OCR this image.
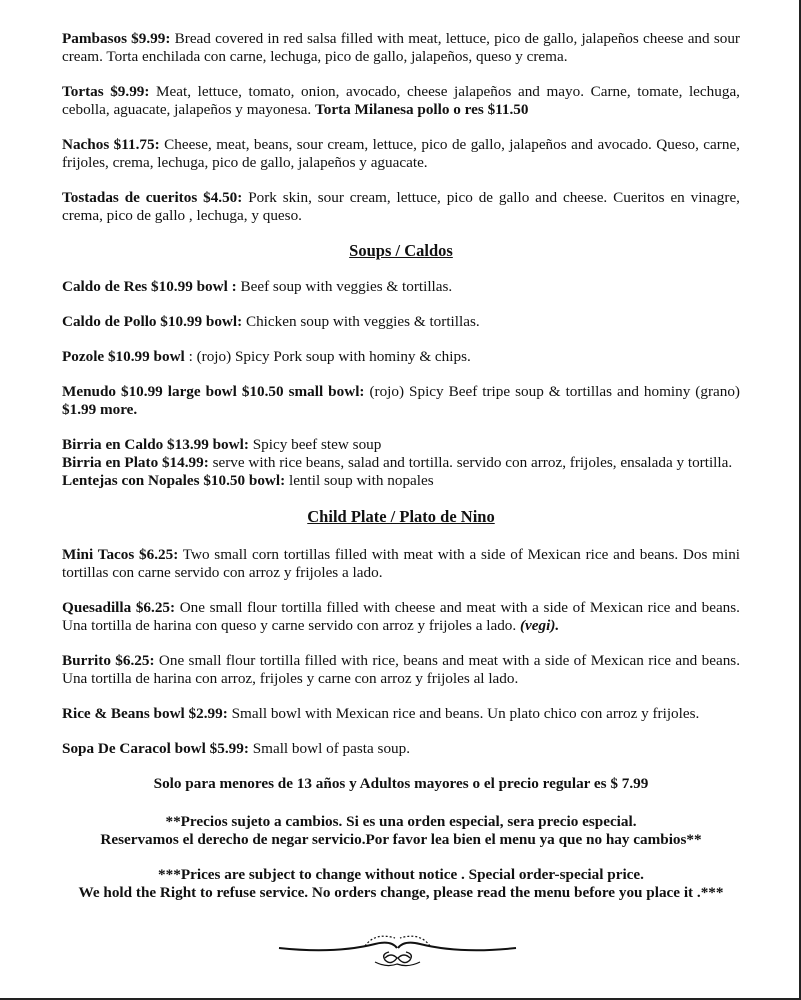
Pambasos $9.99: Bread covered in red salsa filled with meat, lettuce, pico de gallo, jalapeños cheese and sour cream. Torta enchilada con carne, lechuga, pico de gallo, jalapeños, queso y crema.

Tortas $9.99: Meat, lettuce, tomato, onion, avocado, cheese jalapeños and mayo. Carne, tomate, lechuga, cebolla, aguacate, jalapeños y mayonesa. Torta Milanesa pollo o res $11.50

Nachos $11.75: Cheese, meat, beans, sour cream, lettuce, pico de gallo, jalapeños and avocado. Queso, carne, frijoles, crema, lechuga, pico de gallo, jalapeños y aguacate.

Tostadas de cueritos $4.50: Pork skin, sour cream, lettuce, pico de gallo and cheese. Cueritos en vinagre, crema, pico de gallo , lechuga, y queso.

Soups / Caldos

Caldo de Res $10.99 bowl : Beef soup with veggies & tortillas.

Caldo de Pollo $10.99 bowl: Chicken soup with veggies & tortillas.

Pozole $10.99 bowl : (rojo) Spicy Pork soup with hominy & chips.

Menudo $10.99 large bowl $10.50 small bowl: (rojo) Spicy Beef tripe soup & tortillas and hominy (grano) $1.99 more.

Birria en Caldo $13.99 bowl: Spicy beef stew soup

Birria en Plato $14.99: serve with rice beans, salad and tortilla. servido con arroz, frijoles, ensalada y tortilla.

Lentejas con Nopales $10.50 bowl: lentil soup with nopales

Child Plate / Plato de Nino

Mini Tacos $6.25: Two small corn tortillas filled with meat with a side of Mexican rice and beans. Dos mini tortillas con carne servido con arroz y frijoles a lado.

Quesadilla $6.25: One small flour tortilla filled with cheese and meat with a side of Mexican rice and beans. Una tortilla de harina con queso y carne servido con arroz y frijoles a lado. (vegi).

Burrito $6.25: One small flour tortilla filled with rice, beans and meat with a side of Mexican rice and beans. Una tortilla de harina con arroz, frijoles y carne con arroz y frijoles al lado.

Rice & Beans bowl $2.99: Small bowl with Mexican rice and beans. Un plato chico con arroz y frijoles.

Sopa De Caracol bowl $5.99: Small bowl of pasta soup.

Solo para menores de 13 años y Adultos mayores o el precio regular es $ 7.99

**Precios sujeto a cambios. Si es una orden especial, sera precio especial.
Reservamos el derecho de negar servicio.Por favor lea bien el menu ya que no hay cambios**
***Prices are subject to change without notice . Special order-special price.
We hold the Right to refuse service. No orders change, please read the menu before you place it .***
